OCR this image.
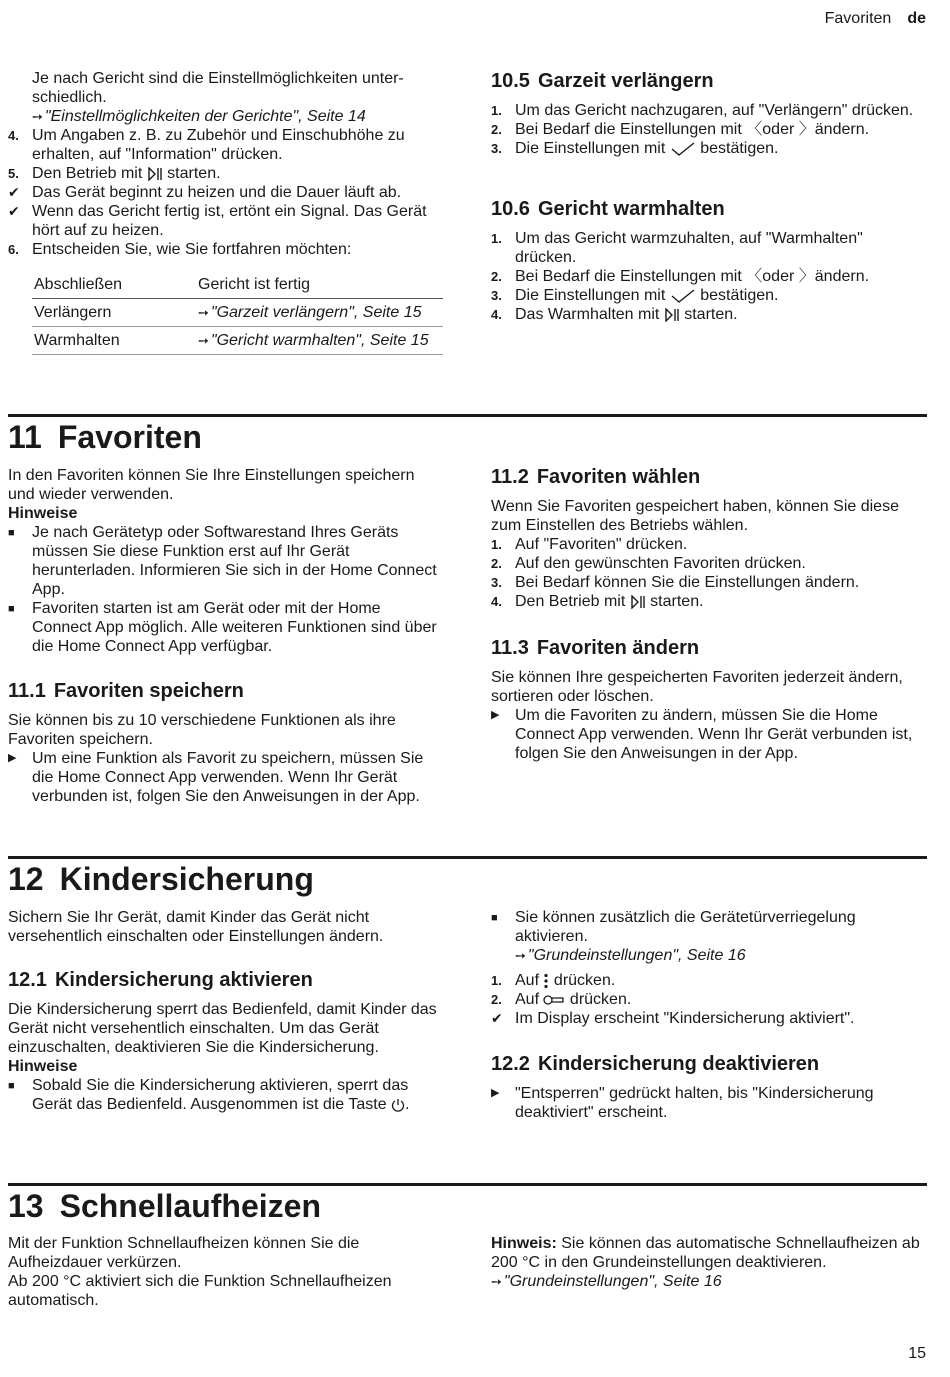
Favoriten de

Je nach Gericht sind die Einstellmöglichkeiten unter-

schiedlich.

➙ "Einstellmöglichkeiten der Gerichte", Seite 14

4. Um Angaben z. B. zu Zubehör und Einschubhöhe zu erhalten, auf "Information" drücken.

5. Den Betrieb mit starten.

✔ Das Gerät beginnt zu heizen und die Dauer läuft ab.

✔ Wenn das Gericht fertig ist, ertönt ein Signal. Das Gerät hört auf zu heizen.

6. Entscheiden Sie, wie Sie fortfahren möchten:

Abschließen	Gericht ist fertig
Verlängern	➙ "Garzeit verlängern", Seite 15
Warmhalten	➙ "Gericht warmhalten", Seite 15
10.5 Garzeit verlängern

1. Um das Gericht nachzugaren, auf "Verlängern" drücken.

2. Bei Bedarf die Einstellungen mit 〈oder 〉ändern.

3. Die Einstellungen mit bestätigen.

10.6 Gericht warmhalten

1. Um das Gericht warmzuhalten, auf "Warmhalten" drücken.

2. Bei Bedarf die Einstellungen mit 〈oder 〉ändern.

3. Die Einstellungen mit bestätigen.

4. Das Warmhalten mit starten.

11 Favoriten

In den Favoriten können Sie Ihre Einstellungen speichern und wieder verwenden.

Hinweise

■ Je nach Gerätetyp oder Softwarestand Ihres Geräts müssen Sie diese Funktion erst auf Ihr Gerät herunterladen. Informieren Sie sich in der Home Connect App.

■ Favoriten starten ist am Gerät oder mit der Home Connect App möglich. Alle weiteren Funktionen sind über die Home Connect App verfügbar.

11.1 Favoriten speichern

Sie können bis zu 10 verschiedene Funktionen als ihre Favoriten speichern.

▶ Um eine Funktion als Favorit zu speichern, müssen Sie die Home Connect App verwenden. Wenn Ihr Gerät verbunden ist, folgen Sie den Anweisungen in der App.

11.2 Favoriten wählen

Wenn Sie Favoriten gespeichert haben, können Sie diese zum Einstellen des Betriebs wählen.

1. Auf "Favoriten" drücken.

2. Auf den gewünschten Favoriten drücken.

3. Bei Bedarf können Sie die Einstellungen ändern.

4. Den Betrieb mit starten.

11.3 Favoriten ändern

Sie können Ihre gespeicherten Favoriten jederzeit ändern, sortieren oder löschen.

▶ Um die Favoriten zu ändern, müssen Sie die Home Connect App verwenden. Wenn Ihr Gerät verbunden ist, folgen Sie den Anweisungen in der App.

12 Kindersicherung

Sichern Sie Ihr Gerät, damit Kinder das Gerät nicht versehentlich einschalten oder Einstellungen ändern.

12.1 Kindersicherung aktivieren

Die Kindersicherung sperrt das Bedienfeld, damit Kinder das Gerät nicht versehentlich einschalten. Um das Gerät einzuschalten, deaktivieren Sie die Kindersicherung.

Hinweise

■ Sobald Sie die Kindersicherung aktivieren, sperrt das Gerät das Bedienfeld. Ausgenommen ist die Taste .

■ Sie können zusätzlich die Gerätetürverriegelung aktivieren.
➙ "Grundeinstellungen", Seite 16

1. Auf drücken.

2. Auf drücken.

✔ Im Display erscheint "Kindersicherung aktiviert".

12.2 Kindersicherung deaktivieren

▶ "Entsperren" gedrückt halten, bis "Kindersicherung deaktiviert" erscheint.

13 Schnellaufheizen

Mit der Funktion Schnellaufheizen können Sie die Aufheizdauer verkürzen.

Ab 200 °C aktiviert sich die Funktion Schnellaufheizen automatisch.

Hinweis: Sie können das automatische Schnellaufheizen ab 200 °C in den Grundeinstellungen deaktivieren.

➙ "Grundeinstellungen", Seite 16

15
